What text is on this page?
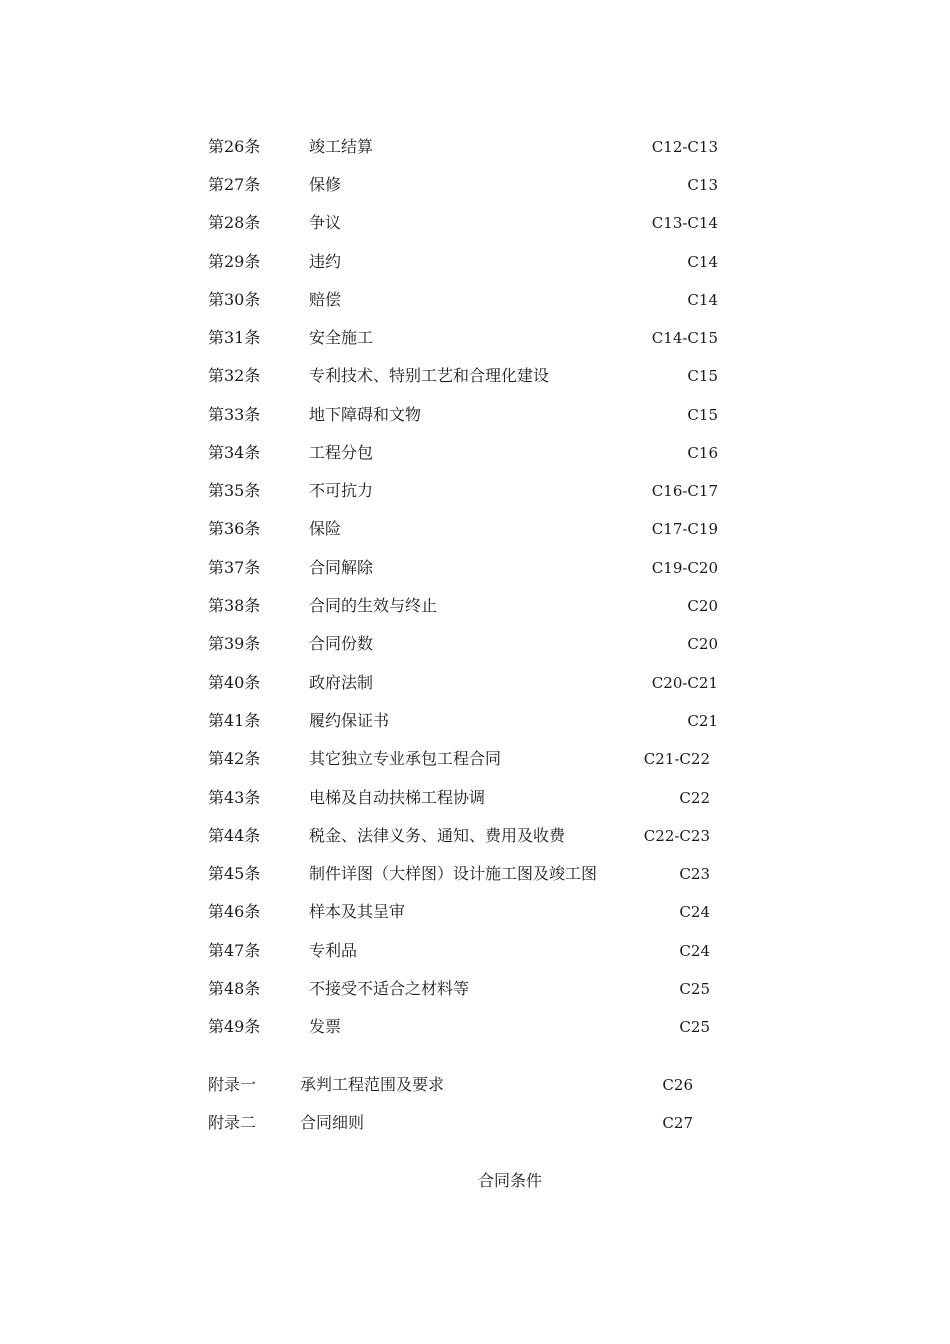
第26条	竣工结算	C12-C13
第27条	保修	C13
第28条	争议	C13-C14
第29条	违约	C14
第30条	赔偿	C14
第31条	安全施工	C14-C15
第32条	专利技术、特别工艺和合理化建设	C15
第33条	地下障碍和文物	C15
第34条	工程分包	C16
第35条	不可抗力	C16-C17
第36条	保险	C17-C19
第37条	合同解除	C19-C20
第38条	合同的生效与终止	C20
第39条	合同份数	C20
第40条	政府法制	C20-C21
第41条	履约保证书	C21
第42条	其它独立专业承包工程合同	C21-C22
第43条	电梯及自动扶梯工程协调	C22
第44条	税金、法律义务、通知、费用及收费	C22-C23
第45条	制件详图（大样图）设计施工图及竣工图	C23
第46条	样本及其呈审	C24
第47条	专利品	C24
第48条	不接受不适合之材料等	C25
第49条	发票	C25
附录一	承判工程范围及要求	C26
附录二	合同细则	C27
合同条件
